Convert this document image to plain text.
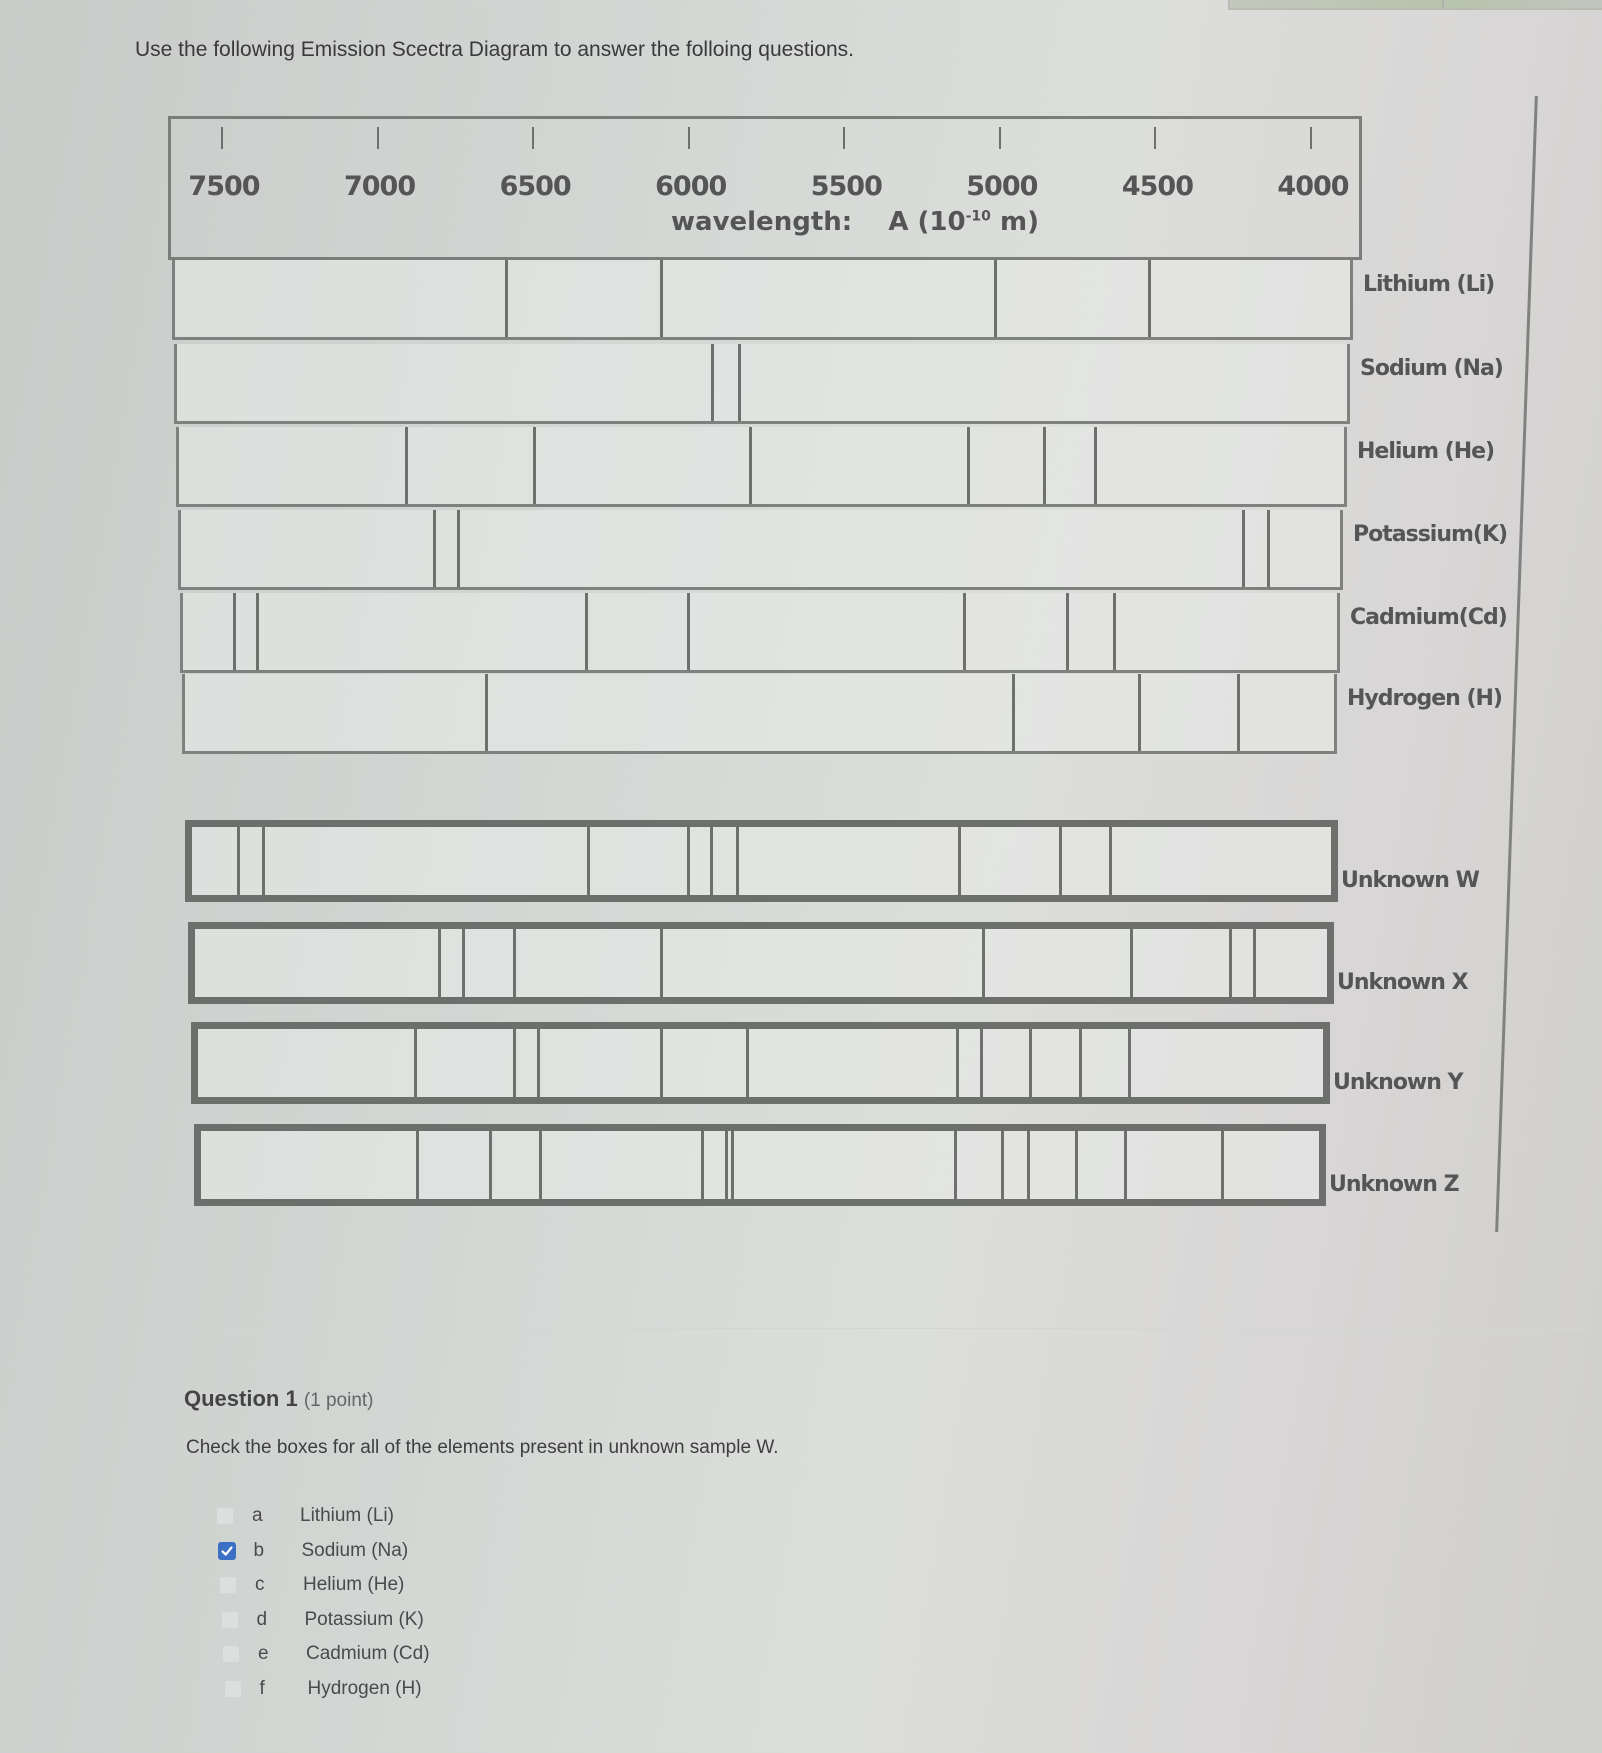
Use the following Emission Scectra Diagram to answer the folloing questions.
wavelength: A ($10^{-10}$ m)
7500	7000	6500	6000	5500	5000	4500	4000
Lithium (Li)
Sodium (Na)
Helium (He)
Potassium(K)
Cadmium(Cd)
Hydrogen (H)
Unknown W
Unknown X
Unknown Y
Unknown Z
Question 1 (1 point)
Check the boxes for all of the elements present in unknown sample W.
a	Lithium (Li)
b	Sodium (Na)
c	Helium (He)
d	Potassium (K)
e	Cadmium (Cd)
f	Hydrogen (H)
